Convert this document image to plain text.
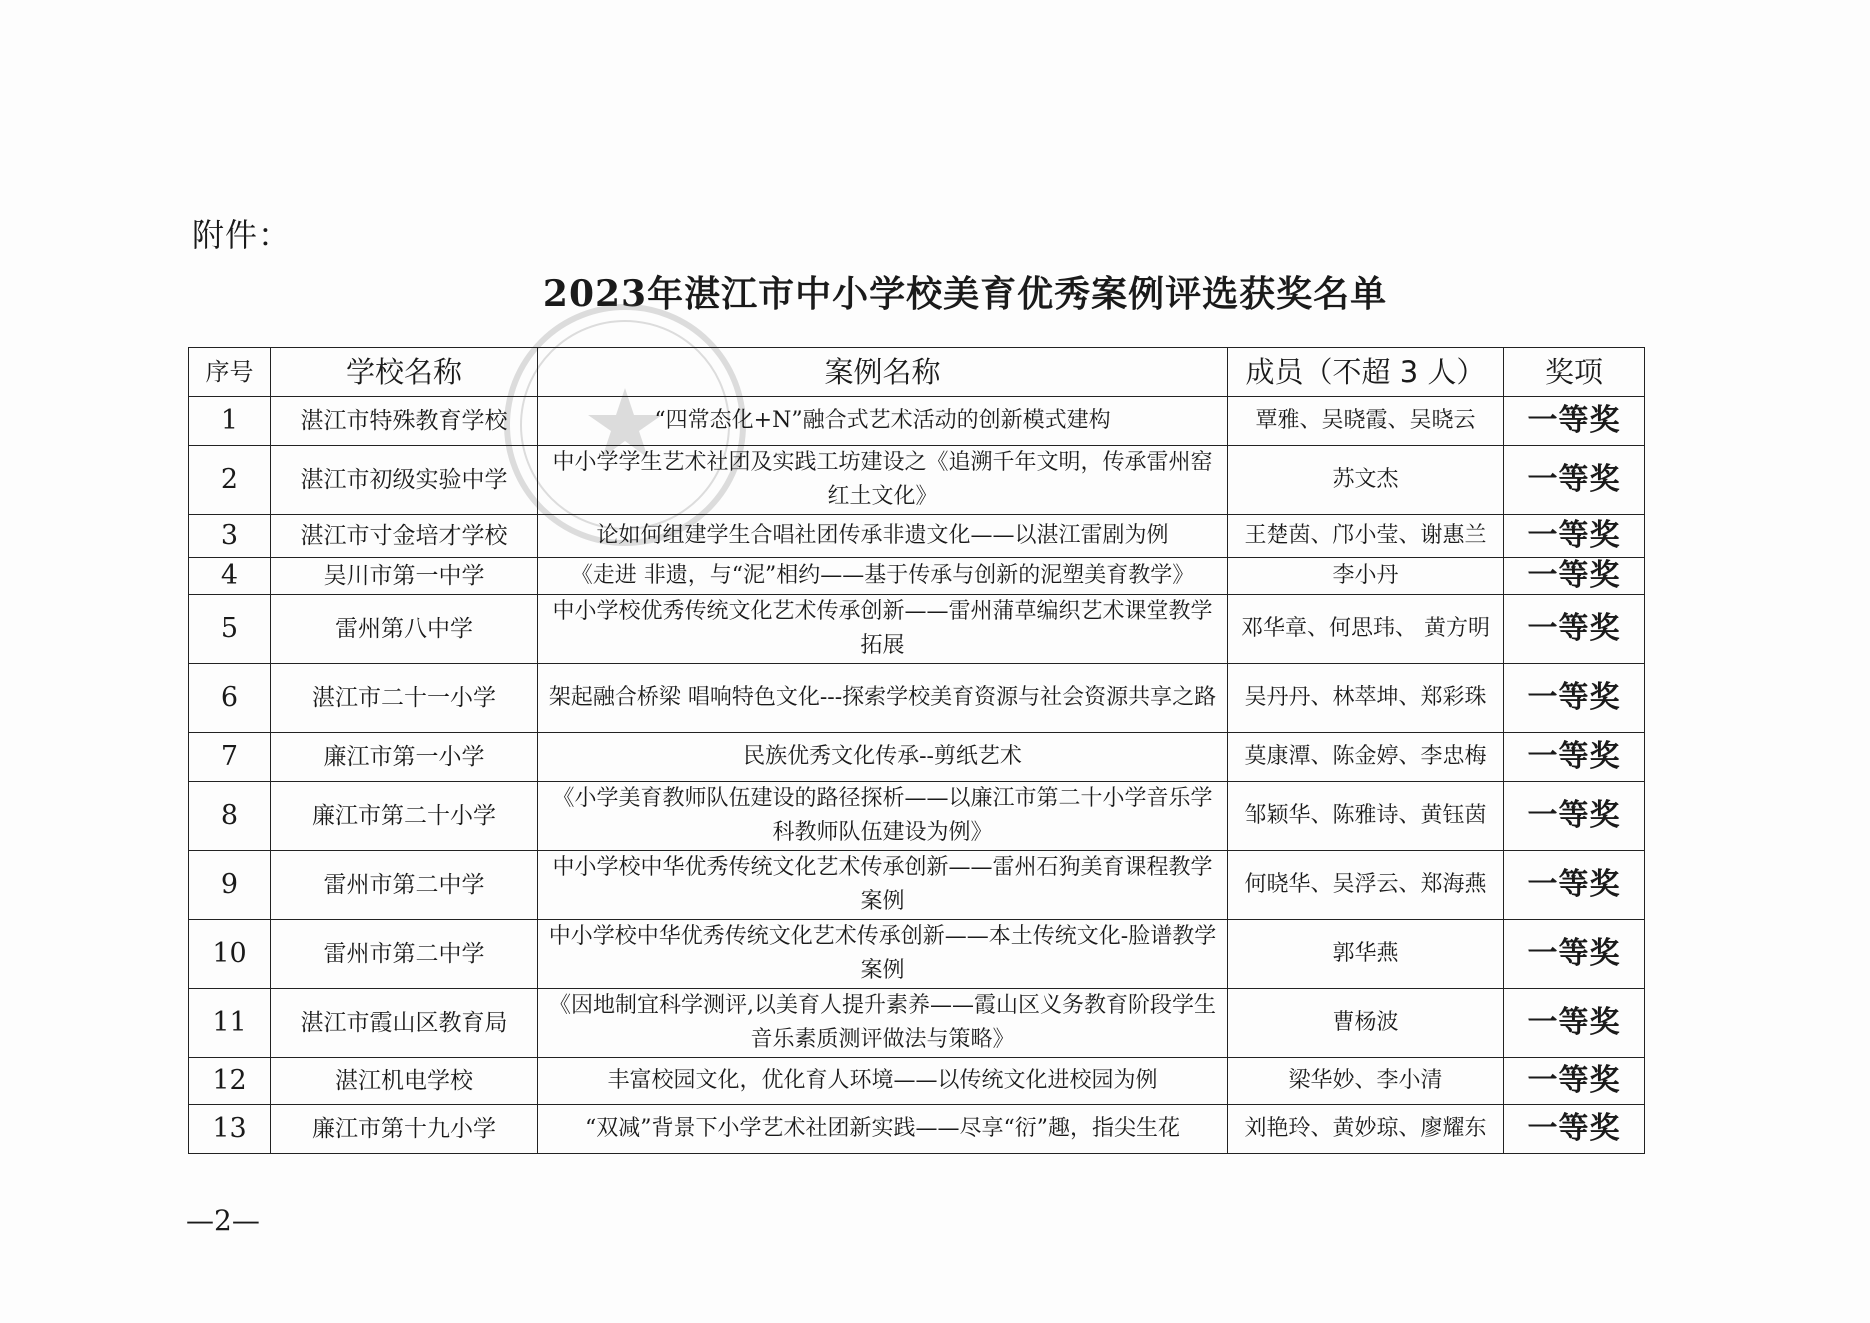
附件：
2023年湛江市中小学校美育优秀案例评选获奖名单
序号	学校名称	案例名称	成员（不超 3 人）	奖项
1	湛江市特殊教育学校	“四常态化+N”融合式艺术活动的创新模式建构	覃雅、吴晓霞、吴晓云	一等奖
2	湛江市初级实验中学	中小学学生艺术社团及实践工坊建设之《追溯千年文明，传承雷州窑红土文化》	苏文杰	一等奖
3	湛江市寸金培才学校	论如何组建学生合唱社团传承非遗文化——以湛江雷剧为例	王楚茵、邝小莹、谢惠兰	一等奖
4	吴川市第一中学	《走进 非遗，与“泥”相约——基于传承与创新的泥塑美育教学》	李小丹	一等奖
5	雷州第八中学	中小学校优秀传统文化艺术传承创新——雷州蒲草编织艺术课堂教学拓展	邓华章、何思玮、 黄方明	一等奖
6	湛江市二十一小学	架起融合桥梁 唱响特色文化---探索学校美育资源与社会资源共享之路	吴丹丹、林萃坤、郑彩珠	一等奖
7	廉江市第一小学	民族优秀文化传承--剪纸艺术	莫康潭、陈金婷、李忠梅	一等奖
8	廉江市第二十小学	《小学美育教师队伍建设的路径探析——以廉江市第二十小学音乐学科教师队伍建设为例》	邹颖华、陈雅诗、黄钰茵	一等奖
9	雷州市第二中学	中小学校中华优秀传统文化艺术传承创新——雷州石狗美育课程教学案例	何晓华、吴浮云、郑海燕	一等奖
10	雷州市第二中学	中小学校中华优秀传统文化艺术传承创新——本土传统文化-脸谱教学案例	郭华燕	一等奖
11	湛江市霞山区教育局	《因地制宜科学测评,以美育人提升素养——霞山区义务教育阶段学生音乐素质测评做法与策略》	曹杨波	一等奖
12	湛江机电学校	丰富校园文化，优化育人环境——以传统文化进校园为例	梁华妙、李小清	一等奖
13	廉江市第十九小学	“双减”背景下小学艺术社团新实践——尽享“衍”趣，指尖生花	刘艳玲、黄妙琼、廖耀东	一等奖
—2—
